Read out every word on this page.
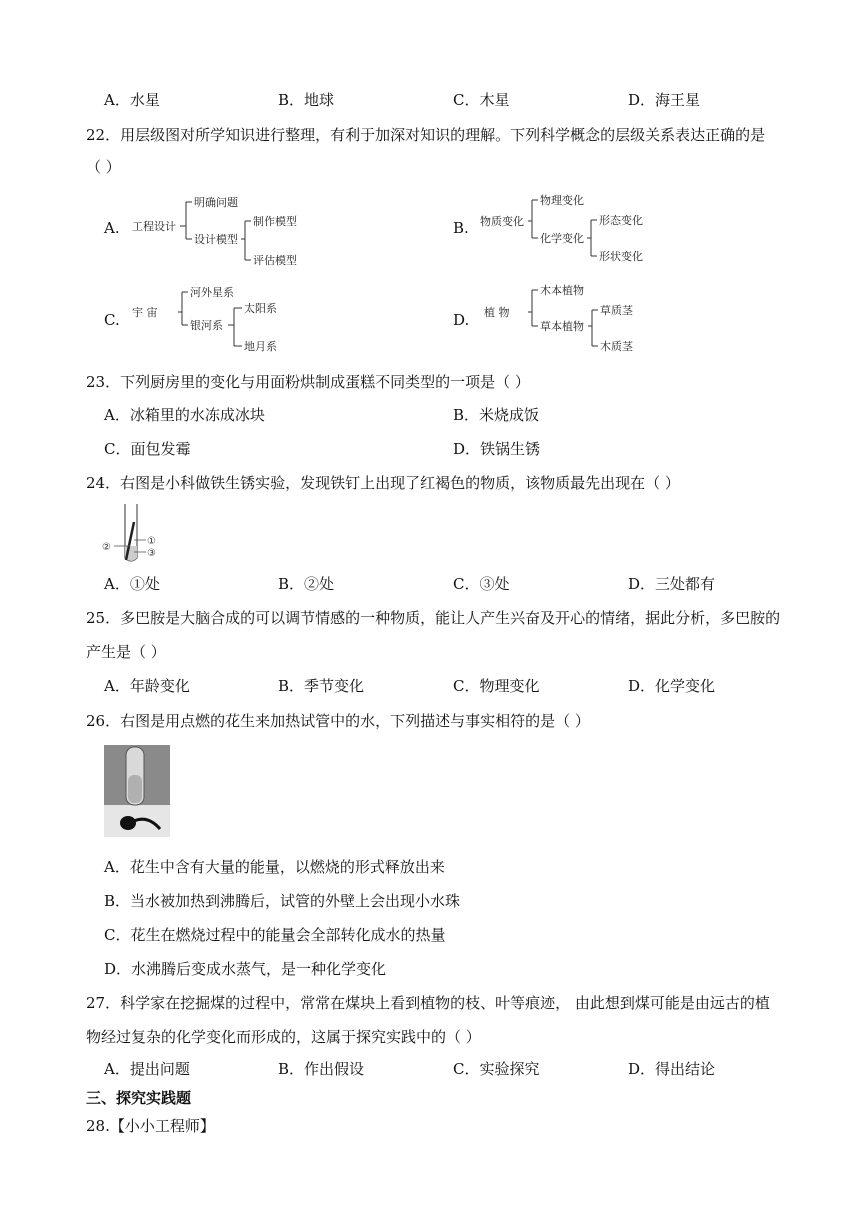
A．水星	B．地球	C．木星	D．海王星
22．用层级图对所学知识进行整理，有利于加深对知识的理解。下列科学概念的层级关系表达正确的是
（ ）
A. 工程设计
明确问题
设计模型
制作模型
评估模型
B. 物质变化
物理变化
化学变化
形态变化
形状变化
C. 宇 宙
河外星系
银河系
太阳系
地月系
D. 植 物
木本植物
草本植物
草质茎
木质茎
23．下列厨房里的变化与用面粉烘制成蛋糕不同类型的一项是（ ）
A．冰箱里的水冻成冰块	B．米烧成饭
C．面包发霉	D．铁锅生锈
24．右图是小科做铁生锈实验，发现铁钉上出现了红褐色的物质，该物质最先出现在（ ）
①
②
③
A．①处	B．②处	C．③处	D．三处都有
25．多巴胺是大脑合成的可以调节情感的一种物质，能让人产生兴奋及开心的情绪，据此分析，多巴胺的
产生是（ ）
A．年龄变化	B．季节变化	C．物理变化	D．化学变化
26．右图是用点燃的花生来加热试管中的水，下列描述与事实相符的是（ ）
A．花生中含有大量的能量，以燃烧的形式释放出来
B．当水被加热到沸腾后，试管的外壁上会出现小水珠
C．花生在燃烧过程中的能量会全部转化成水的热量
D．水沸腾后变成水蒸气，是一种化学变化
27．科学家在挖掘煤的过程中，常常在煤块上看到植物的枝、叶等痕迹， 由此想到煤可能是由远古的植
物经过复杂的化学变化而形成的，这属于探究实践中的（ ）
A．提出问题	B．作出假设	C．实验探究	D．得出结论
三、探究实践题
28.【小小工程师】
